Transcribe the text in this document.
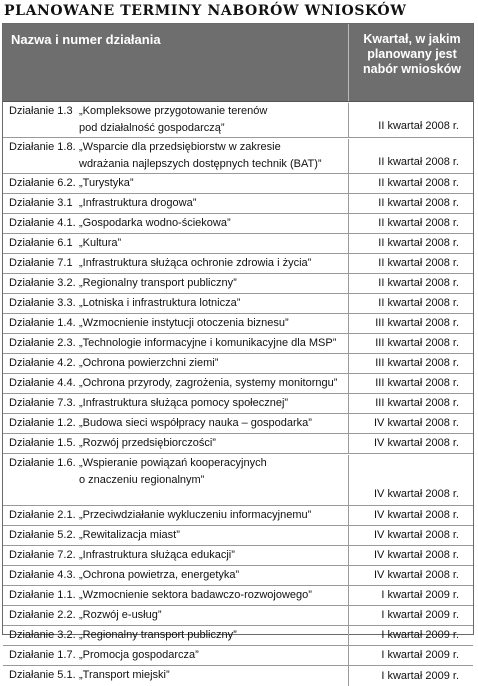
PLANOWANE TERMINY NABORÓW WNIOSKÓW
Nazwa i numer działania	Kwartał, w jakim planowany jest nabór wniosków
Działanie 1.3 „Kompleksowe przygotowanie terenów
pod działalność gospodarczą”	II kwartał 2008 r.
Działanie 1.8. „Wsparcie dla przedsiębiorstw w zakresie
wdrażania najlepszych dostępnych technik (BAT)”	II kwartał 2008 r.
Działanie 6.2. „Turystyka”	II kwartał 2008 r.
Działanie 3.1 „Infrastruktura drogowa”	II kwartał 2008 r.
Działanie 4.1. „Gospodarka wodno-ściekowa”	II kwartał 2008 r.
Działanie 6.1 „Kultura”	II kwartał 2008 r.
Działanie 7.1 „Infrastruktura służąca ochronie zdrowia i życia”	II kwartał 2008 r.
Działanie 3.2. „Regionalny transport publiczny”	II kwartał 2008 r.
Działanie 3.3. „Lotniska i infrastruktura lotnicza”	II kwartał 2008 r.
Działanie 1.4. „Wzmocnienie instytucji otoczenia biznesu”	III kwartał 2008 r.
Działanie 2.3. „Technologie informacyjne i komunikacyjne dla MSP”	III kwartał 2008 r.
Działanie 4.2. „Ochrona powierzchni ziemi”	III kwartał 2008 r.
Działanie 4.4. „Ochrona przyrody, zagrożenia, systemy monitorngu”	III kwartał 2008 r.
Działanie 7.3. „Infrastruktura służąca pomocy społecznej”	III kwartał 2008 r.
Działanie 1.2. „Budowa sieci współpracy nauka – gospodarka”	IV kwartał 2008 r.
Działanie 1.5. „Rozwój przedsiębiorczości”	IV kwartał 2008 r.
Działanie 1.6. „Wspieranie powiązań kooperacyjnych
o znaczeniu regionalnym”
IV kwartał 2008 r.
Działanie 2.1. „Przeciwdziałanie wykluczeniu informacyjnemu”	IV kwartał 2008 r.
Działanie 5.2. „Rewitalizacja miast”	IV kwartał 2008 r.
Działanie 7.2. „Infrastruktura służąca edukacji”	IV kwartał 2008 r.
Działanie 4.3. „Ochrona powietrza, energetyka”	IV kwartał 2008 r.
Działanie 1.1. „Wzmocnienie sektora badawczo-rozwojowego”	I kwartał 2009 r.
Działanie 2.2. „Rozwój e-usług”	I kwartał 2009 r.
Działanie 3.2. „Regionalny transport publiczny”	I kwartał 2009 r.
Działanie 1.7. „Promocja gospodarcza”	I kwartał 2009 r.
Działanie 5.1. „Transport miejski”	I kwartał 2009 r.
